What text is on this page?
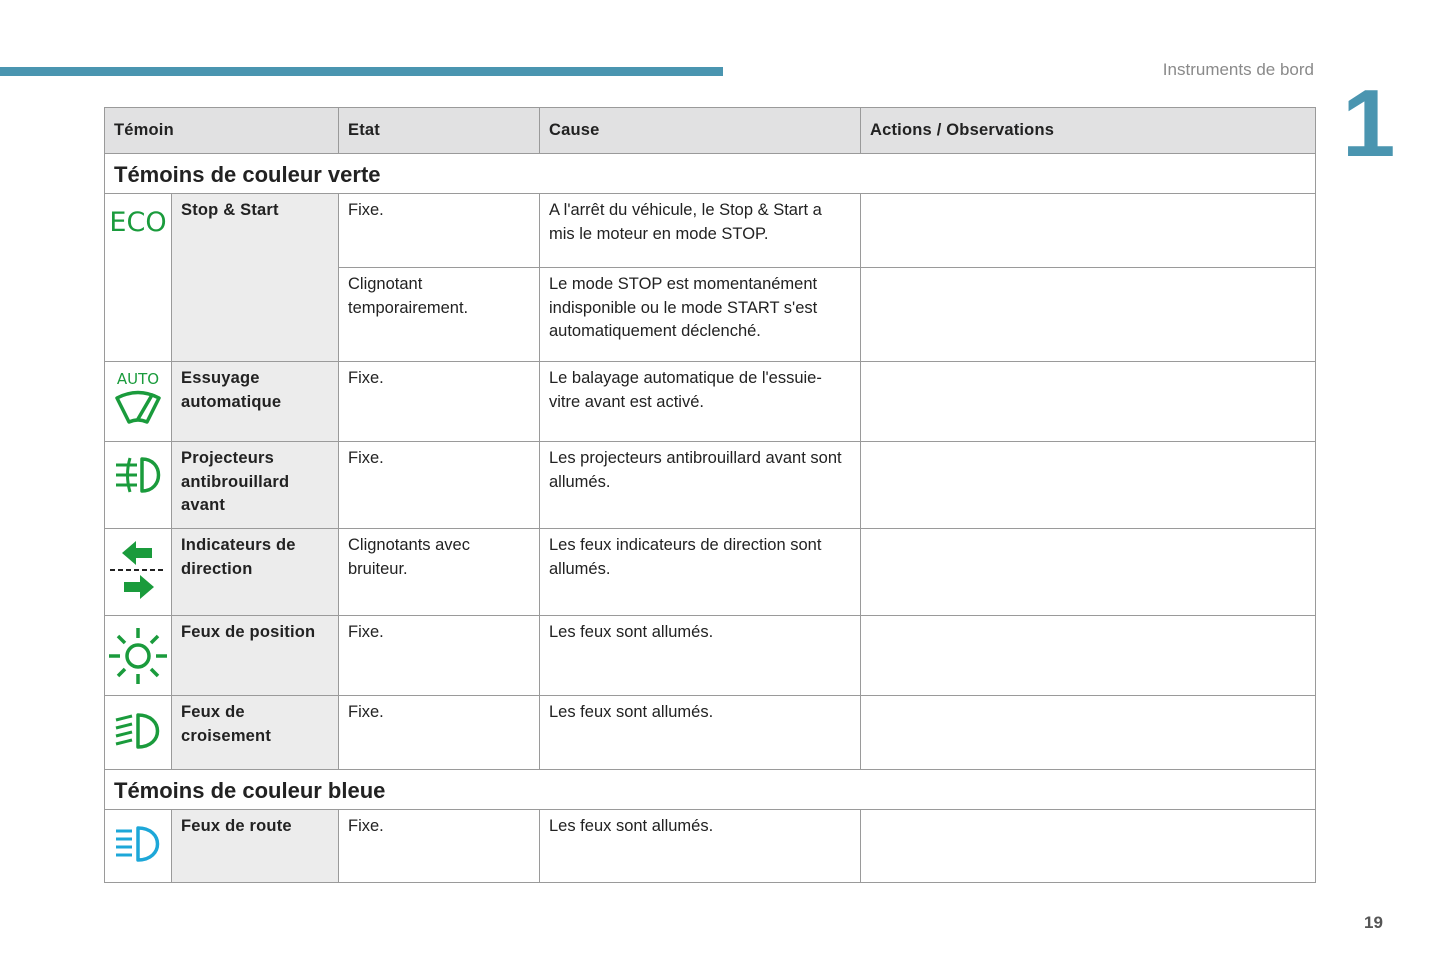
Instruments de bord
1
Témoin		Etat	Cause	Actions / Observations
Témoins de couleur verte				

ECO	Stop & Start	Fixe.	A l'arrêt du véhicule, le Stop & Start a mis le moteur en mode STOP.	
		Clignotant temporairement.	Le mode STOP est momentanément indisponible ou le mode START s'est automatiquement déclenché.	

AUTO	Essuyage automatique	Fixe.	Le balayage automatique de l'essuie-vitre avant est activé.	

	Projecteurs antibrouillard avant	Fixe.	Les projecteurs antibrouillard avant sont allumés.	

	Indicateurs de direction	Clignotants avec bruiteur.	Les feux indicateurs de direction sont allumés.	

	Feux de position	Fixe.	Les feux sont allumés.	

	Feux de croisement	Fixe.	Les feux sont allumés.	
Témoins de couleur bleue				

	Feux de route	Fixe.	Les feux sont allumés.	
19
